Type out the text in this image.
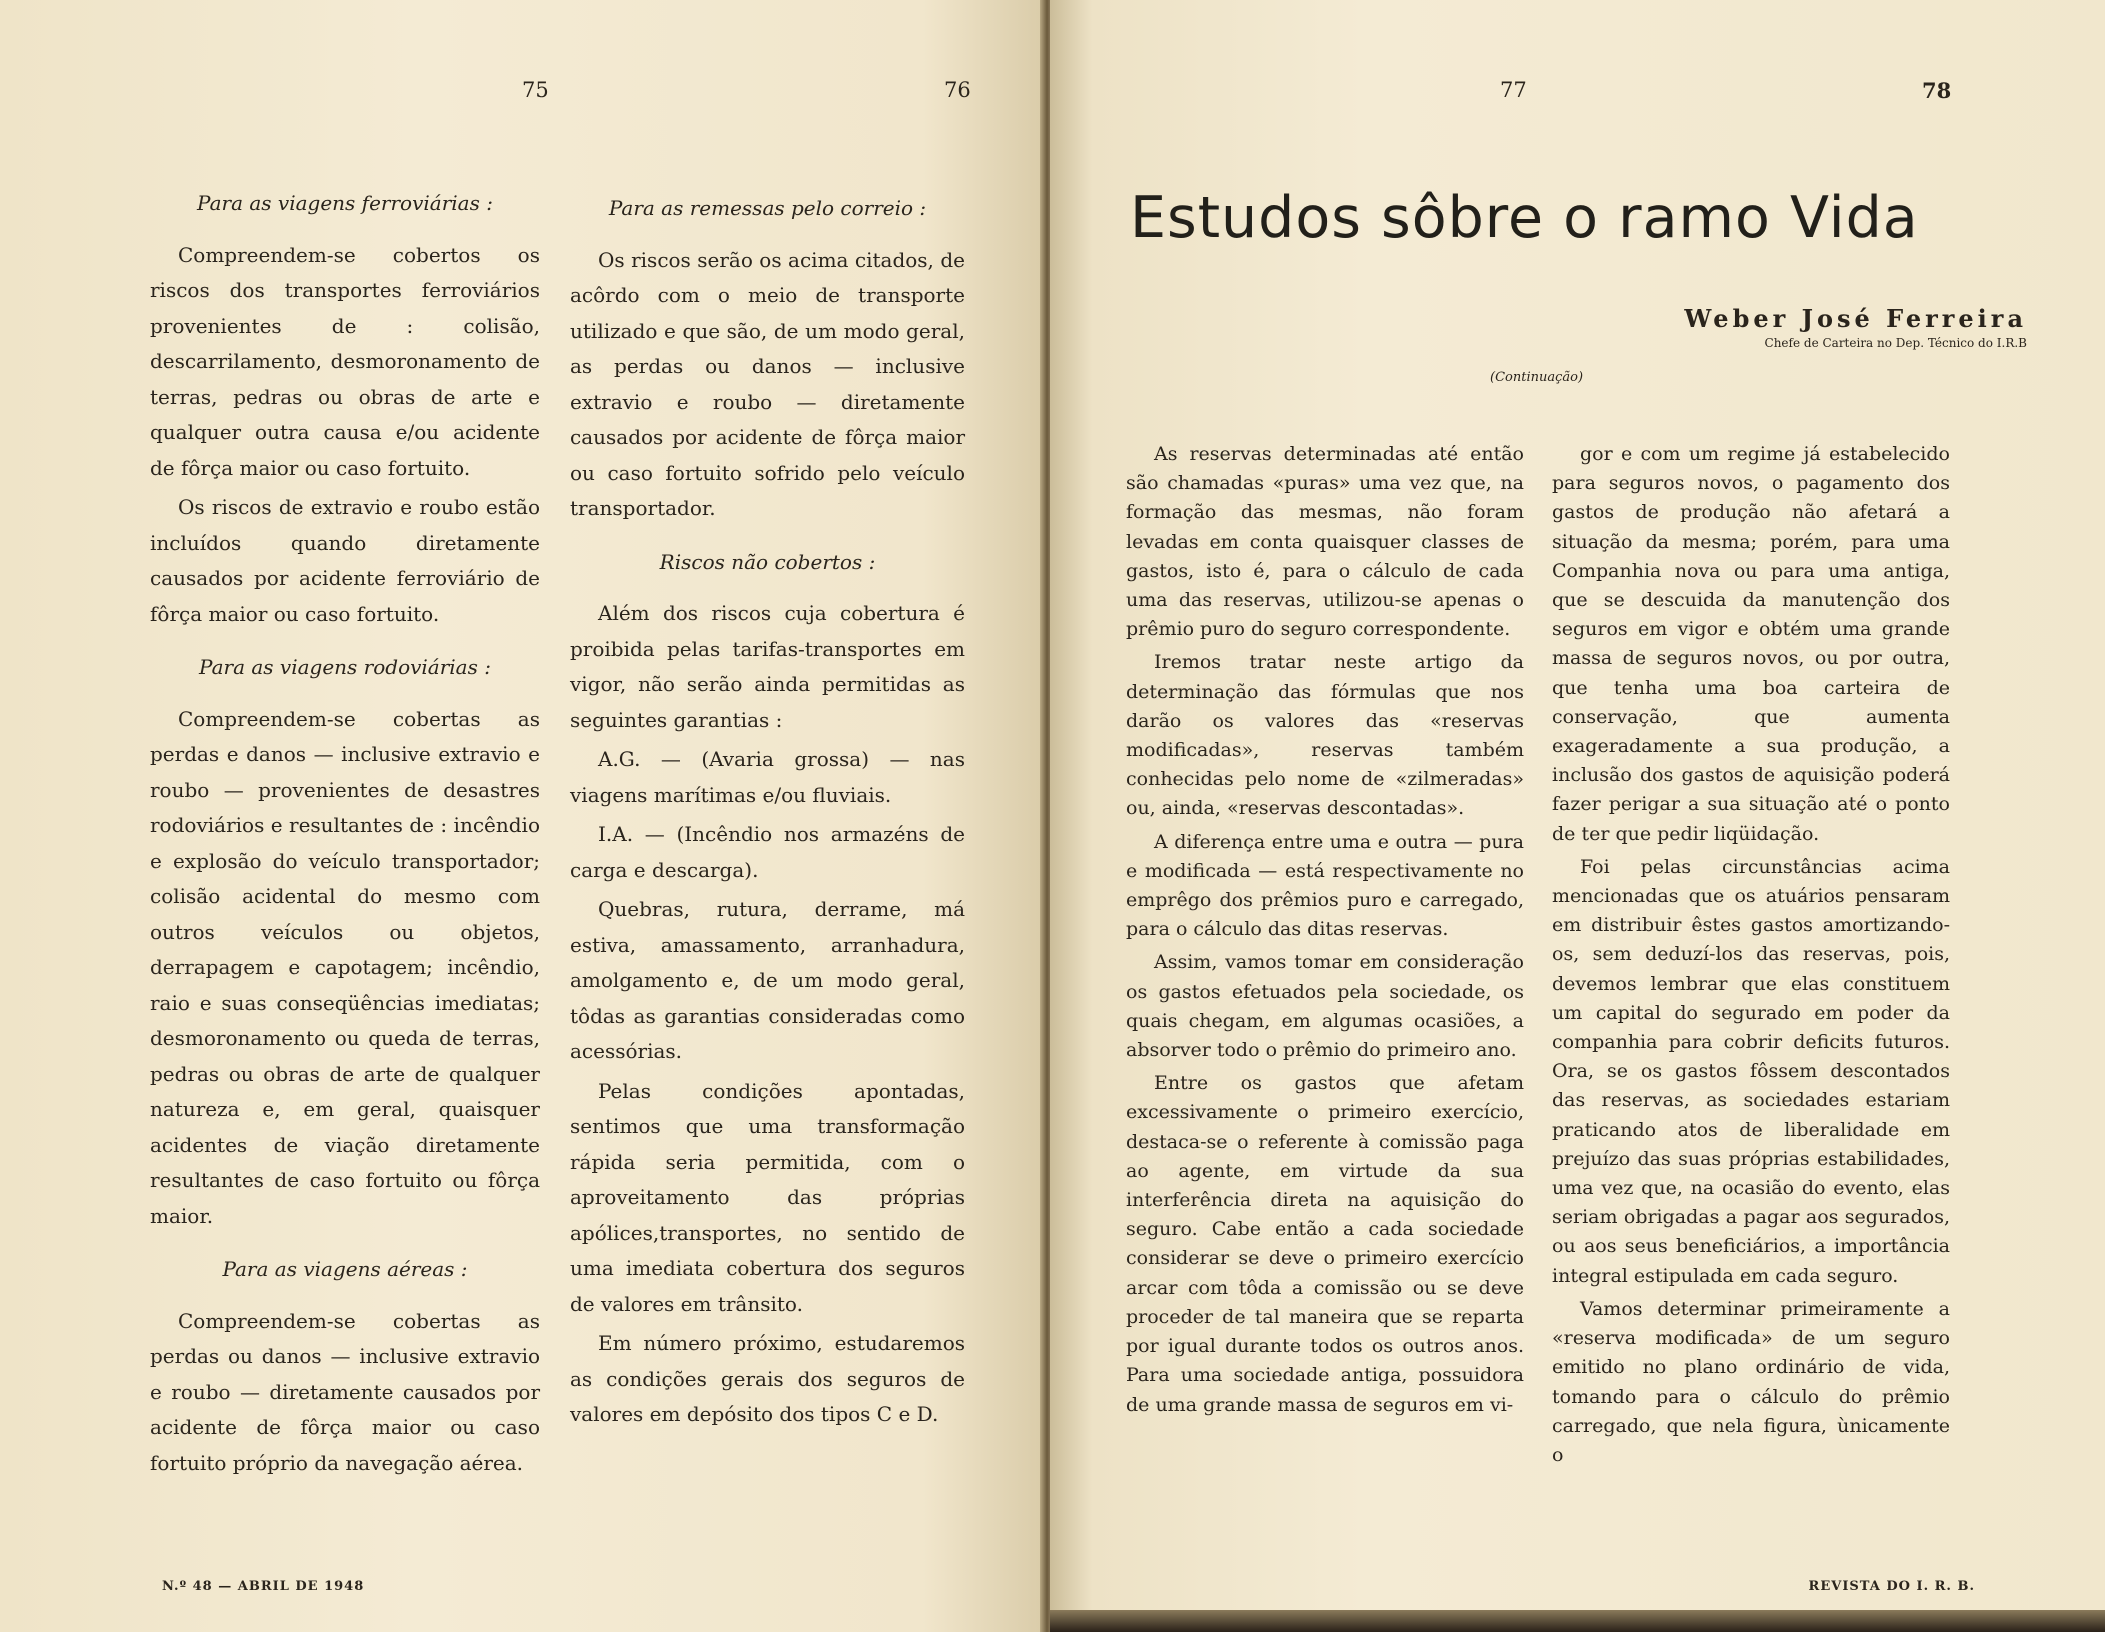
75	76

Para as viagens ferroviárias :

Compreendem-se cobertos os riscos dos transportes ferroviários provenientes de : colisão, descarrilamento, desmoronamento de terras, pedras ou obras de arte e qualquer outra causa e/ou acidente de fôrça maior ou caso fortuito.

Os riscos de extravio e roubo estão incluídos quando diretamente causados por acidente ferroviário de fôrça maior ou caso fortuito.

Para as viagens rodoviárias :

Compreendem-se cobertas as perdas e danos — inclusive extravio e roubo — provenientes de desastres rodoviários e resultantes de : incêndio e explosão do veículo transportador; colisão acidental do mesmo com outros veículos ou objetos, derrapagem e capotagem; incêndio, raio e suas conseqüências imediatas; desmoronamento ou queda de terras, pedras ou obras de arte de qualquer natureza e, em geral, quaisquer acidentes de viação diretamente resultantes de caso fortuito ou fôrça maior.

Para as viagens aéreas :

Compreendem-se cobertas as perdas ou danos — inclusive extravio e roubo — diretamente causados por acidente de fôrça maior ou caso fortuito próprio da navegação aérea.

Para as remessas pelo correio :

Os riscos serão os acima citados, de acôrdo com o meio de transporte utilizado e que são, de um modo geral, as perdas ou danos — inclusive extravio e roubo — diretamente causados por acidente de fôrça maior ou caso fortuito sofrido pelo veículo transportador.

Riscos não cobertos :

Além dos riscos cuja cobertura é proibida pelas tarifas-transportes em vigor, não serão ainda permitidas as seguintes garantias :

A.G. — (Avaria grossa) — nas viagens marítimas e/ou fluviais.

I.A. — (Incêndio nos armazéns de carga e descarga).

Quebras, rutura, derrame, má estiva, amassamento, arranhadura, amolgamento e, de um modo geral, tôdas as garantias consideradas como acessórias.

Pelas condições apontadas, sentimos que uma transformação rápida seria permitida, com o aproveitamento das próprias apólices,transportes, no sentido de uma imediata cobertura dos seguros de valores em trânsito.

Em número próximo, estudaremos as condições gerais dos seguros de valores em depósito dos tipos C e D.

N.º 48 — ABRIL DE 1948
77	78
Estudos sôbre o ramo Vida
Weber José Ferreira
Chefe de Carteira no Dep. Técnico do I.R.B
(Continuação)

As reservas determinadas até então são chamadas «puras» uma vez que, na formação das mesmas, não foram levadas em conta quaisquer classes de gastos, isto é, para o cálculo de cada uma das reservas, utilizou-se apenas o prêmio puro do seguro correspondente.

Iremos tratar neste artigo da determinação das fórmulas que nos darão os valores das «reservas modificadas», reservas também conhecidas pelo nome de «zilmeradas» ou, ainda, «reservas descontadas».

A diferença entre uma e outra — pura e modificada — está respectivamente no emprêgo dos prêmios puro e carregado, para o cálculo das ditas reservas.

Assim, vamos tomar em consideração os gastos efetuados pela sociedade, os quais chegam, em algumas ocasiões, a absorver todo o prêmio do primeiro ano.

Entre os gastos que afetam excessivamente o primeiro exercício, destaca-se o referente à comissão paga ao agente, em virtude da sua interferência direta na aquisição do seguro. Cabe então a cada sociedade considerar se deve o primeiro exercício arcar com tôda a comissão ou se deve proceder de tal maneira que se reparta por igual durante todos os outros anos. Para uma sociedade antiga, possuidora de uma grande massa de seguros em vi-

gor e com um regime já estabelecido para seguros novos, o pagamento dos gastos de produção não afetará a situação da mesma; porém, para uma Companhia nova ou para uma antiga, que se descuida da manutenção dos seguros em vigor e obtém uma grande massa de seguros novos, ou por outra, que tenha uma boa carteira de conservação, que aumenta exageradamente a sua produção, a inclusão dos gastos de aquisição poderá fazer perigar a sua situação até o ponto de ter que pedir liqüidação.

Foi pelas circunstâncias acima mencionadas que os atuários pensaram em distribuir êstes gastos amortizando-os, sem deduzí-los das reservas, pois, devemos lembrar que elas constituem um capital do segurado em poder da companhia para cobrir deficits futuros. Ora, se os gastos fôssem descontados das reservas, as sociedades estariam praticando atos de liberalidade em prejuízo das suas próprias estabilidades, uma vez que, na ocasião do evento, elas seriam obrigadas a pagar aos segurados, ou aos seus beneficiários, a importância integral estipulada em cada seguro.

Vamos determinar primeiramente a «reserva modificada» de um seguro emitido no plano ordinário de vida, tomando para o cálculo do prêmio carregado, que nela figura, ùnicamente o

REVISTA DO I. R. B.
